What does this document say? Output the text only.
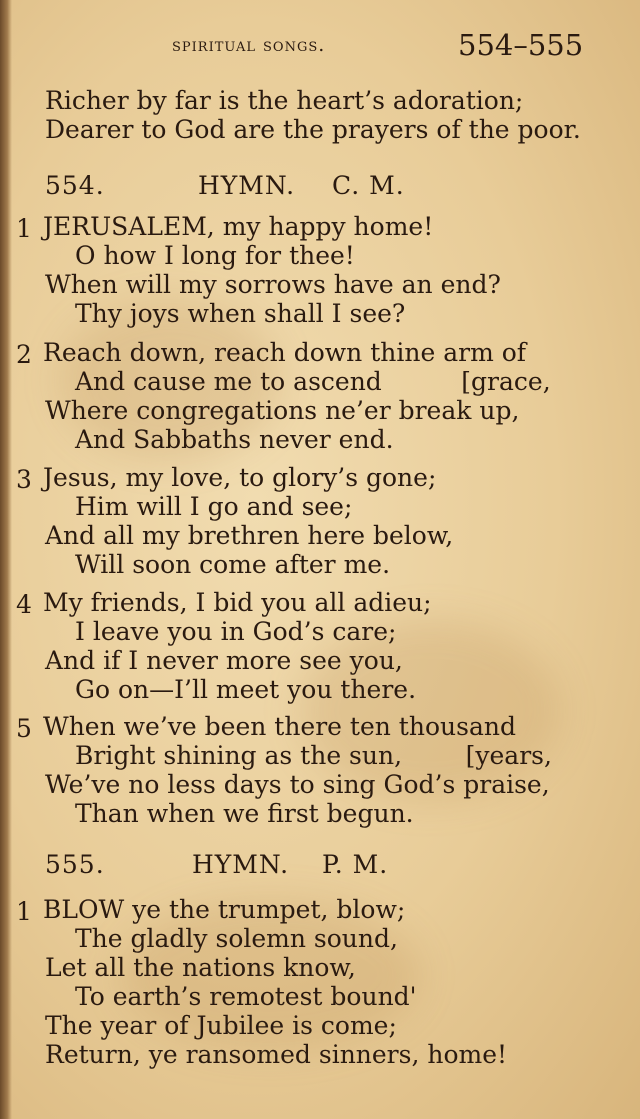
spiritual songs.	554–555
Richer by far is the heart’s adoration;
Dearer to God are the prayers of the poor.
554.	HYMN. C. M.
1 JERUSALEM, my happy home!
O how I long for thee!
When will my sorrows have an end?
Thy joys when shall I see?
2 Reach down, reach down thine arm of
And cause me to ascend          [grace,
Where congregations ne’er break up,
And Sabbaths never end.
3 Jesus, my love, to glory’s gone;
Him will I go and see;
And all my brethren here below,
Will soon come after me.
4 My friends, I bid you all adieu;
I leave you in God’s care;
And if I never more see you,
Go on—I’ll meet you there.
5 When we’ve been there ten thousand
Bright shining as the sun,        [years,
We’ve no less days to sing God’s praise,
Than when we first begun.
555.	HYMN. P. M.
1 BLOW ye the trumpet, blow;
The gladly solemn sound,
Let all the nations know,
To earth’s remotest bound'
The year of Jubilee is come;
Return, ye ransomed sinners, home!
